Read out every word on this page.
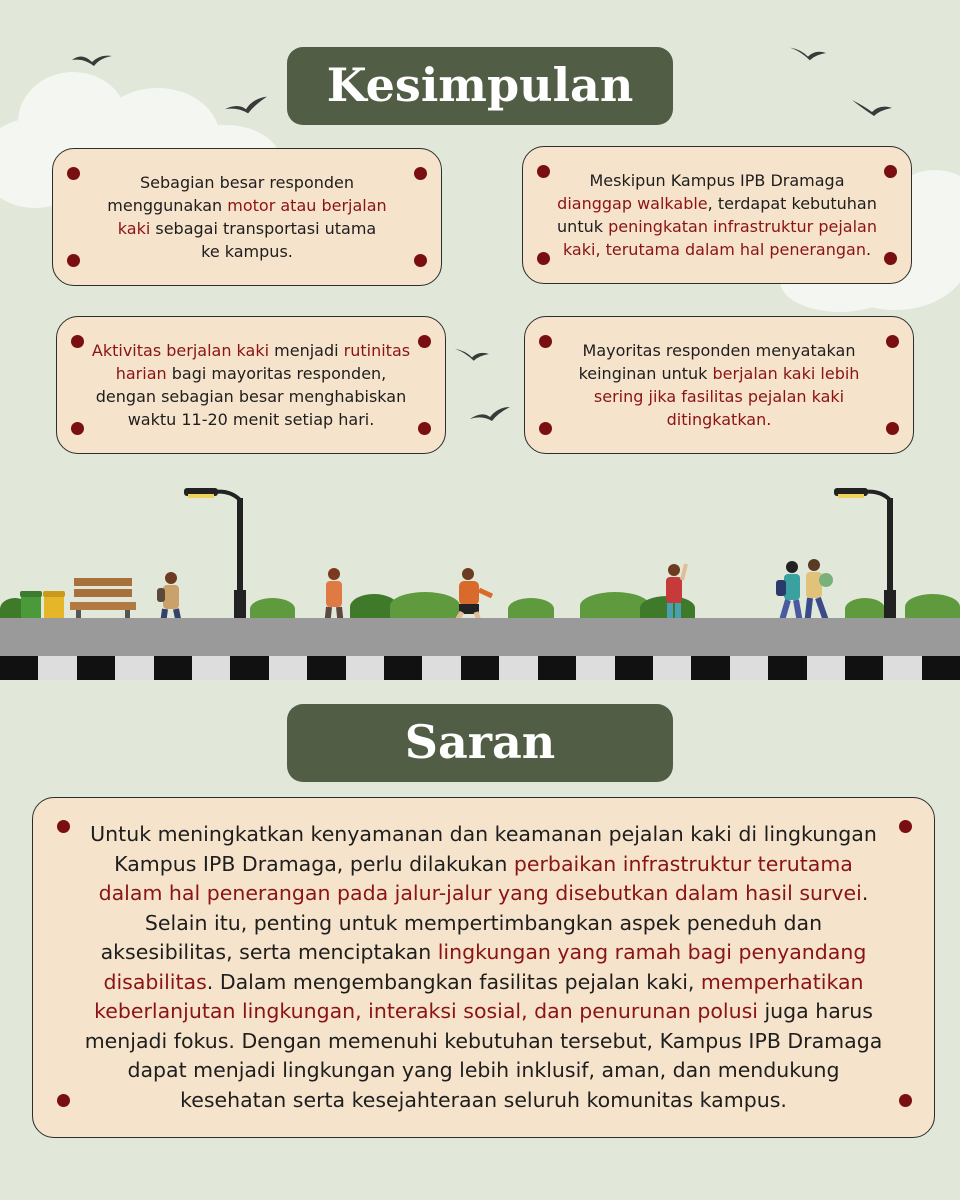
Kesimpulan
Sebagian besar responden menggunakan motor atau berjalan kaki sebagai transportasi utama ke kampus.
Meskipun Kampus IPB Dramaga dianggap walkable, terdapat kebutuhan untuk peningkatan infrastruktur pejalan kaki, terutama dalam hal penerangan.
Aktivitas berjalan kaki menjadi rutinitas harian bagi mayoritas responden, dengan sebagian besar menghabiskan waktu 11-20 menit setiap hari.
Mayoritas responden menyatakan keinginan untuk berjalan kaki lebih sering jika fasilitas pejalan kaki ditingkatkan.
Saran
Untuk meningkatkan kenyamanan dan keamanan pejalan kaki di lingkungan Kampus IPB Dramaga, perlu dilakukan perbaikan infrastruktur terutama dalam hal penerangan pada jalur-jalur yang disebutkan dalam hasil survei. Selain itu, penting untuk mempertimbangkan aspek peneduh dan aksesibilitas, serta menciptakan lingkungan yang ramah bagi penyandang disabilitas. Dalam mengembangkan fasilitas pejalan kaki, memperhatikan keberlanjutan lingkungan, interaksi sosial, dan penurunan polusi juga harus menjadi fokus. Dengan memenuhi kebutuhan tersebut, Kampus IPB Dramaga dapat menjadi lingkungan yang lebih inklusif, aman, dan mendukung kesehatan serta kesejahteraan seluruh komunitas kampus.
